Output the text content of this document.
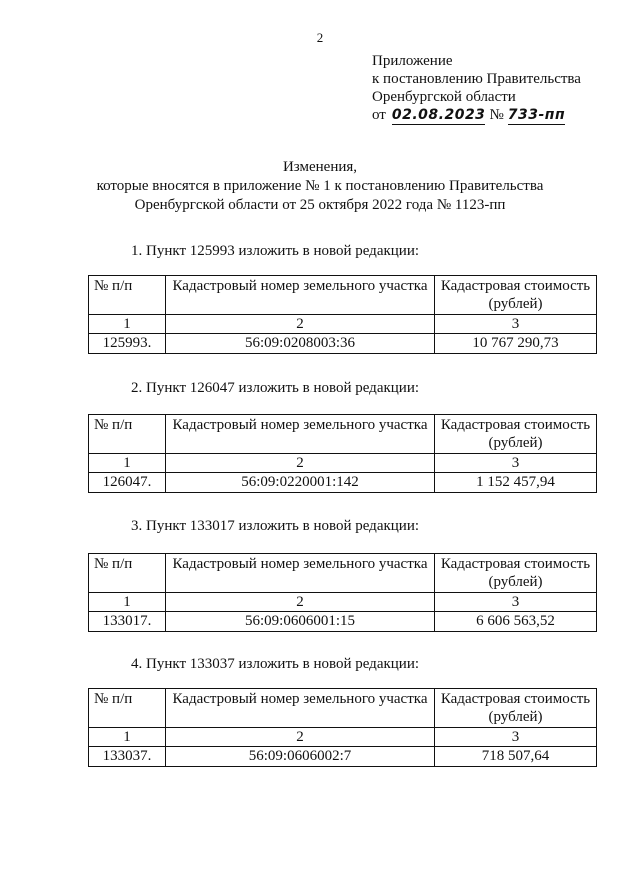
2
Приложение
к постановлению Правительства
Оренбургской области
от 02.08.2023 № 733-пп
Изменения,
которые вносятся в приложение № 1 к постановлению Правительства
Оренбургской области от 25 октября 2022 года № 1123-пп
1. Пункт 125993 изложить в новой редакции:
№ п/п	Кадастровый номер земельного участка	Кадастровая стоимость
(рублей)
1	2	3
125993.	56:09:0208003:36	10 767 290,73
2. Пункт 126047 изложить в новой редакции:
№ п/п	Кадастровый номер земельного участка	Кадастровая стоимость
(рублей)
1	2	3
126047.	56:09:0220001:142	1 152 457,94
3. Пункт 133017 изложить в новой редакции:
№ п/п	Кадастровый номер земельного участка	Кадастровая стоимость
(рублей)
1	2	3
133017.	56:09:0606001:15	6 606 563,52
4. Пункт 133037 изложить в новой редакции:
№ п/п	Кадастровый номер земельного участка	Кадастровая стоимость
(рублей)
1	2	3
133037.	56:09:0606002:7	718 507,64
